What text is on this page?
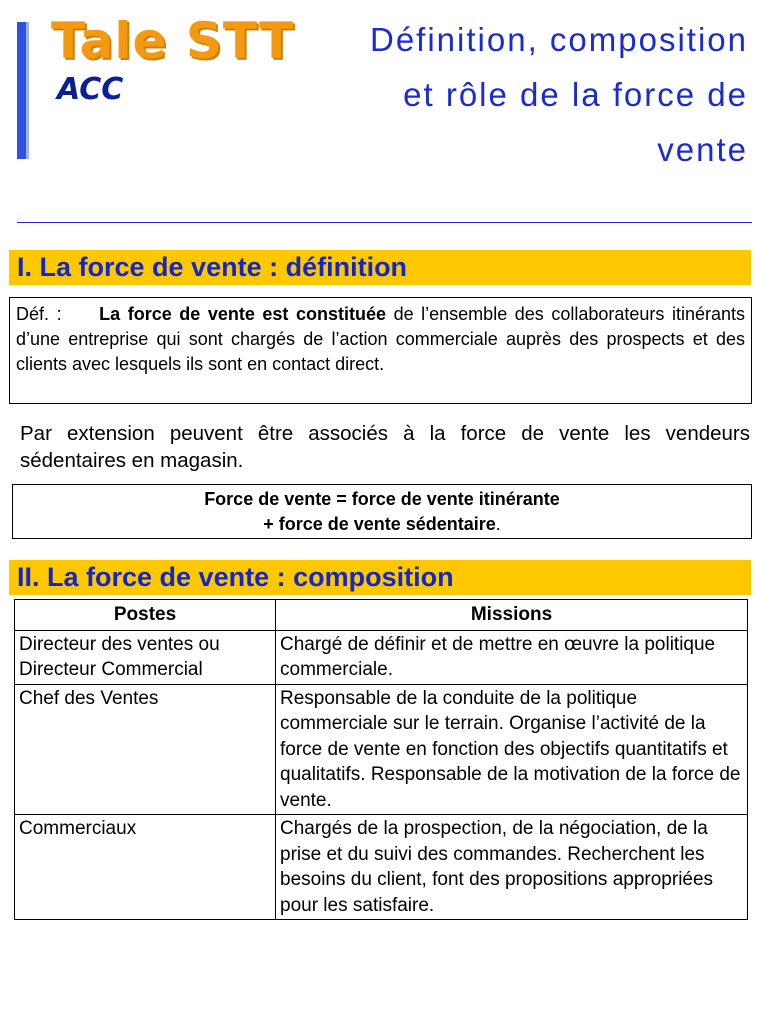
Tale STT
ACC
Définition, composition et rôle de la force de vente
I. La force de vente : définition
Déf. : La force de vente est constituée de l’ensemble des collaborateurs itinérants d’une entreprise qui sont chargés de l’action commerciale auprès des prospects et des clients avec lesquels ils sont en contact direct.
Par extension peuvent être associés à la force de vente les vendeurs sédentaires en magasin.
Force de vente = force de vente itinérante
+ force de vente sédentaire.
II. La force de vente : composition
Postes	Missions
Directeur des ventes ou Directeur Commercial	Chargé de définir et de mettre en œuvre la politique commerciale.
Chef des Ventes	Responsable de la conduite de la politique commerciale sur le terrain. Organise l’activité de la force de vente en fonction des objectifs quantitatifs et qualitatifs. Responsable de la motivation de la force de vente.
Commerciaux	Chargés de la prospection, de la négociation, de la prise et du suivi des commandes. Recherchent les besoins du client, font des propositions appropriées pour les satisfaire.
